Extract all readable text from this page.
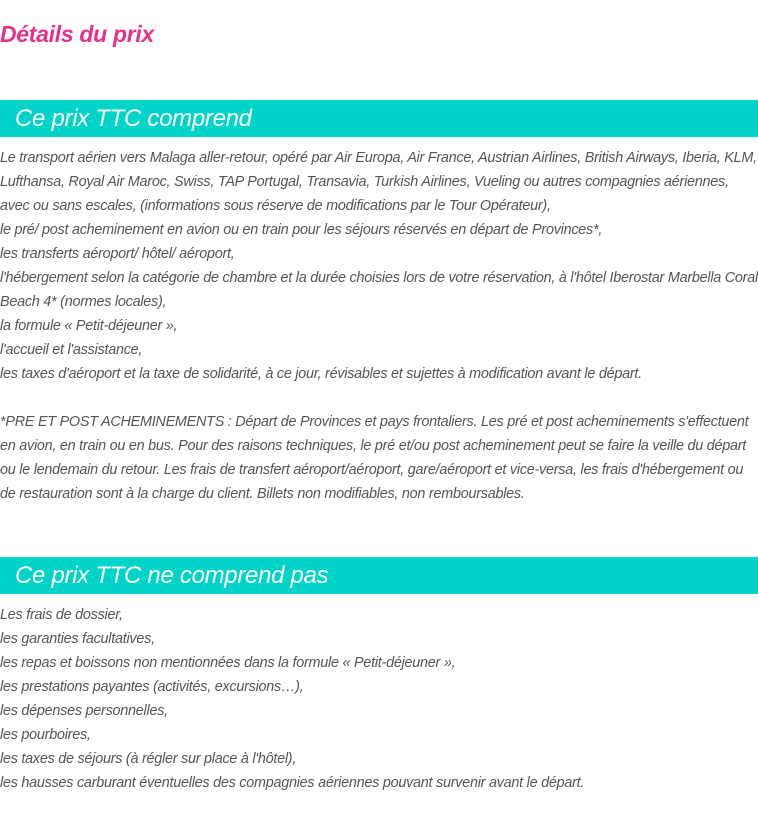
Détails du prix
Ce prix TTC comprend
Le transport aérien vers Malaga aller-retour, opéré par Air Europa, Air France, Austrian Airlines, British Airways, Iberia, KLM, Lufthansa, Royal Air Maroc, Swiss, TAP Portugal, Transavia, Turkish Airlines, Vueling ou autres compagnies aériennes, avec ou sans escales, (informations sous réserve de modifications par le Tour Opérateur),
le pré/ post acheminement en avion ou en train pour les séjours réservés en départ de Provinces*,
les transferts aéroport/ hôtel/ aéroport,
l'hébergement selon la catégorie de chambre et la durée choisies lors de votre réservation, à l'hôtel Iberostar Marbella Coral Beach 4* (normes locales),
la formule « Petit-déjeuner »,
l'accueil et l'assistance,
les taxes d'aéroport et la taxe de solidarité, à ce jour, révisables et sujettes à modification avant le départ.

*PRE ET POST ACHEMINEMENTS : Départ de Provinces et pays frontaliers. Les pré et post acheminements s'effectuent en avion, en train ou en bus. Pour des raisons techniques, le pré et/ou post acheminement peut se faire la veille du départ ou le lendemain du retour. Les frais de transfert aéroport/aéroport, gare/aéroport et vice-versa, les frais d'hébergement ou de restauration sont à la charge du client. Billets non modifiables, non remboursables.

Ce prix TTC ne comprend pas
Les frais de dossier,
les garanties facultatives,
les repas et boissons non mentionnées dans la formule « Petit-déjeuner »,
les prestations payantes (activités, excursions…),
les dépenses personnelles,
les pourboires,
les taxes de séjours (à régler sur place à l'hôtel),
les hausses carburant éventuelles des compagnies aériennes pouvant survenir avant le départ.
